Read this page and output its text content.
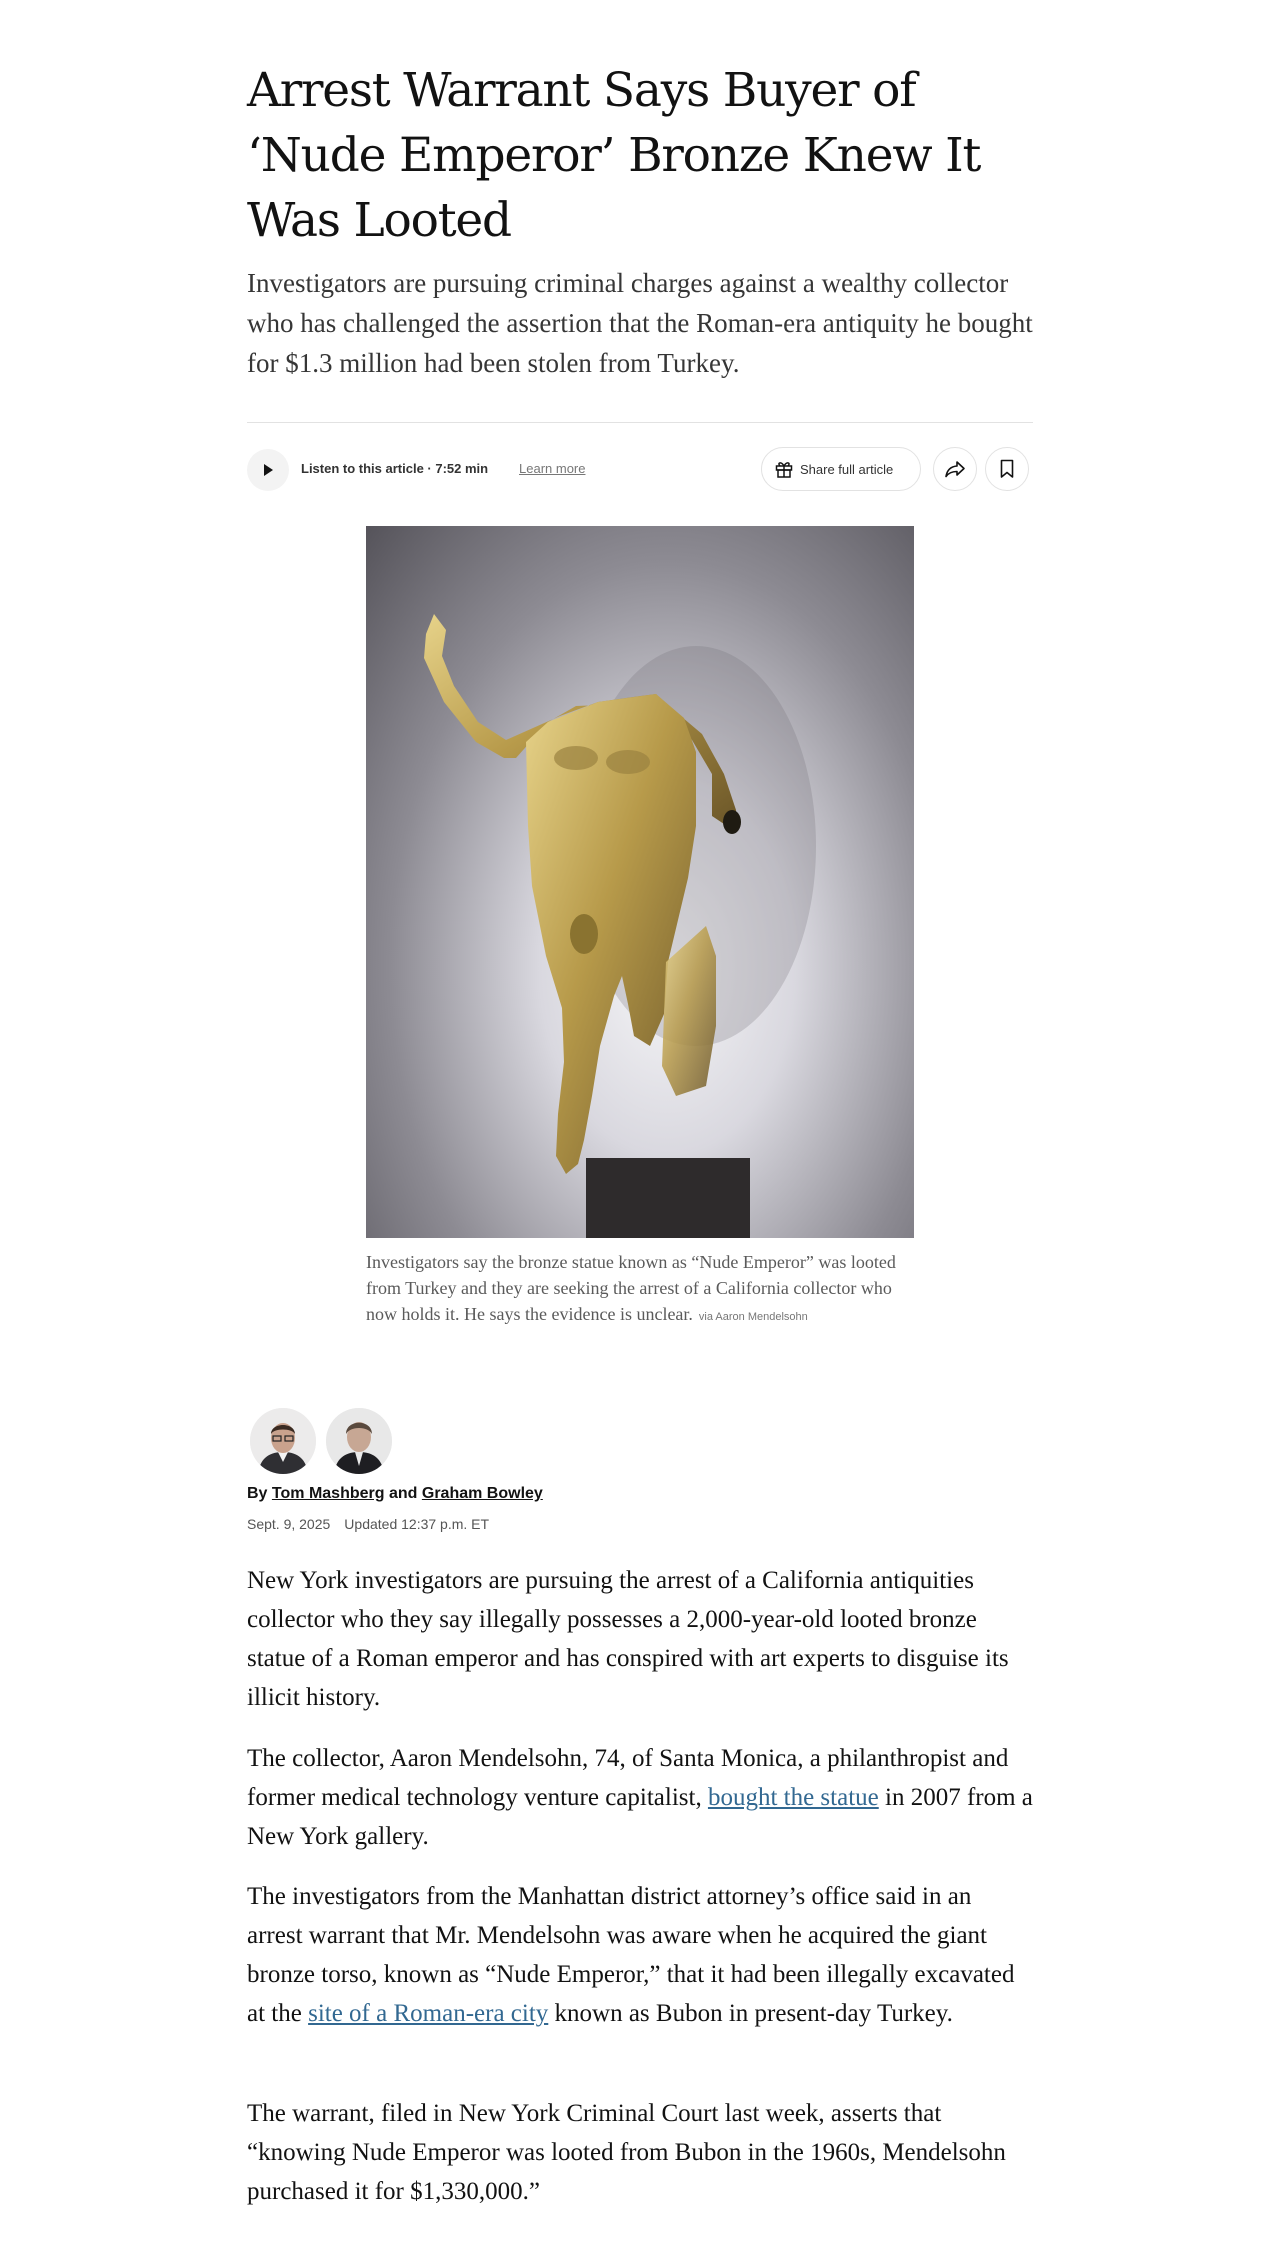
Arrest Warrant Says Buyer of ‘Nude Emperor’ Bronze Knew It Was Looted

Investigators are pursuing criminal charges against a wealthy collector who has challenged the assertion that the Roman-era antiquity he bought for $1.3 million had been stolen from Turkey.

Listen to this article · 7:52 min Learn more	Share full article

Investigators say the bronze statue known as “Nude Emperor” was looted from Turkey and they are seeking the arrest of a California collector who now holds it. He says the evidence is unclear. via Aaron Mendelsohn

By Tom Mashberg and Graham Bowley
Sept. 9, 2025 Updated 12:37 p.m. ET

New York investigators are pursuing the arrest of a California antiquities collector who they say illegally possesses a 2,000-year-old looted bronze statue of a Roman emperor and has conspired with art experts to disguise its illicit history.

The collector, Aaron Mendelsohn, 74, of Santa Monica, a philanthropist and former medical technology venture capitalist, bought the statue in 2007 from a New York gallery.

The investigators from the Manhattan district attorney’s office said in an arrest warrant that Mr. Mendelsohn was aware when he acquired the giant bronze torso, known as “Nude Emperor,” that it had been illegally excavated at the site of a Roman-era city known as Bubon in present-day Turkey.

The warrant, filed in New York Criminal Court last week, asserts that “knowing Nude Emperor was looted from Bubon in the 1960s, Mendelsohn purchased it for $1,330,000.”
